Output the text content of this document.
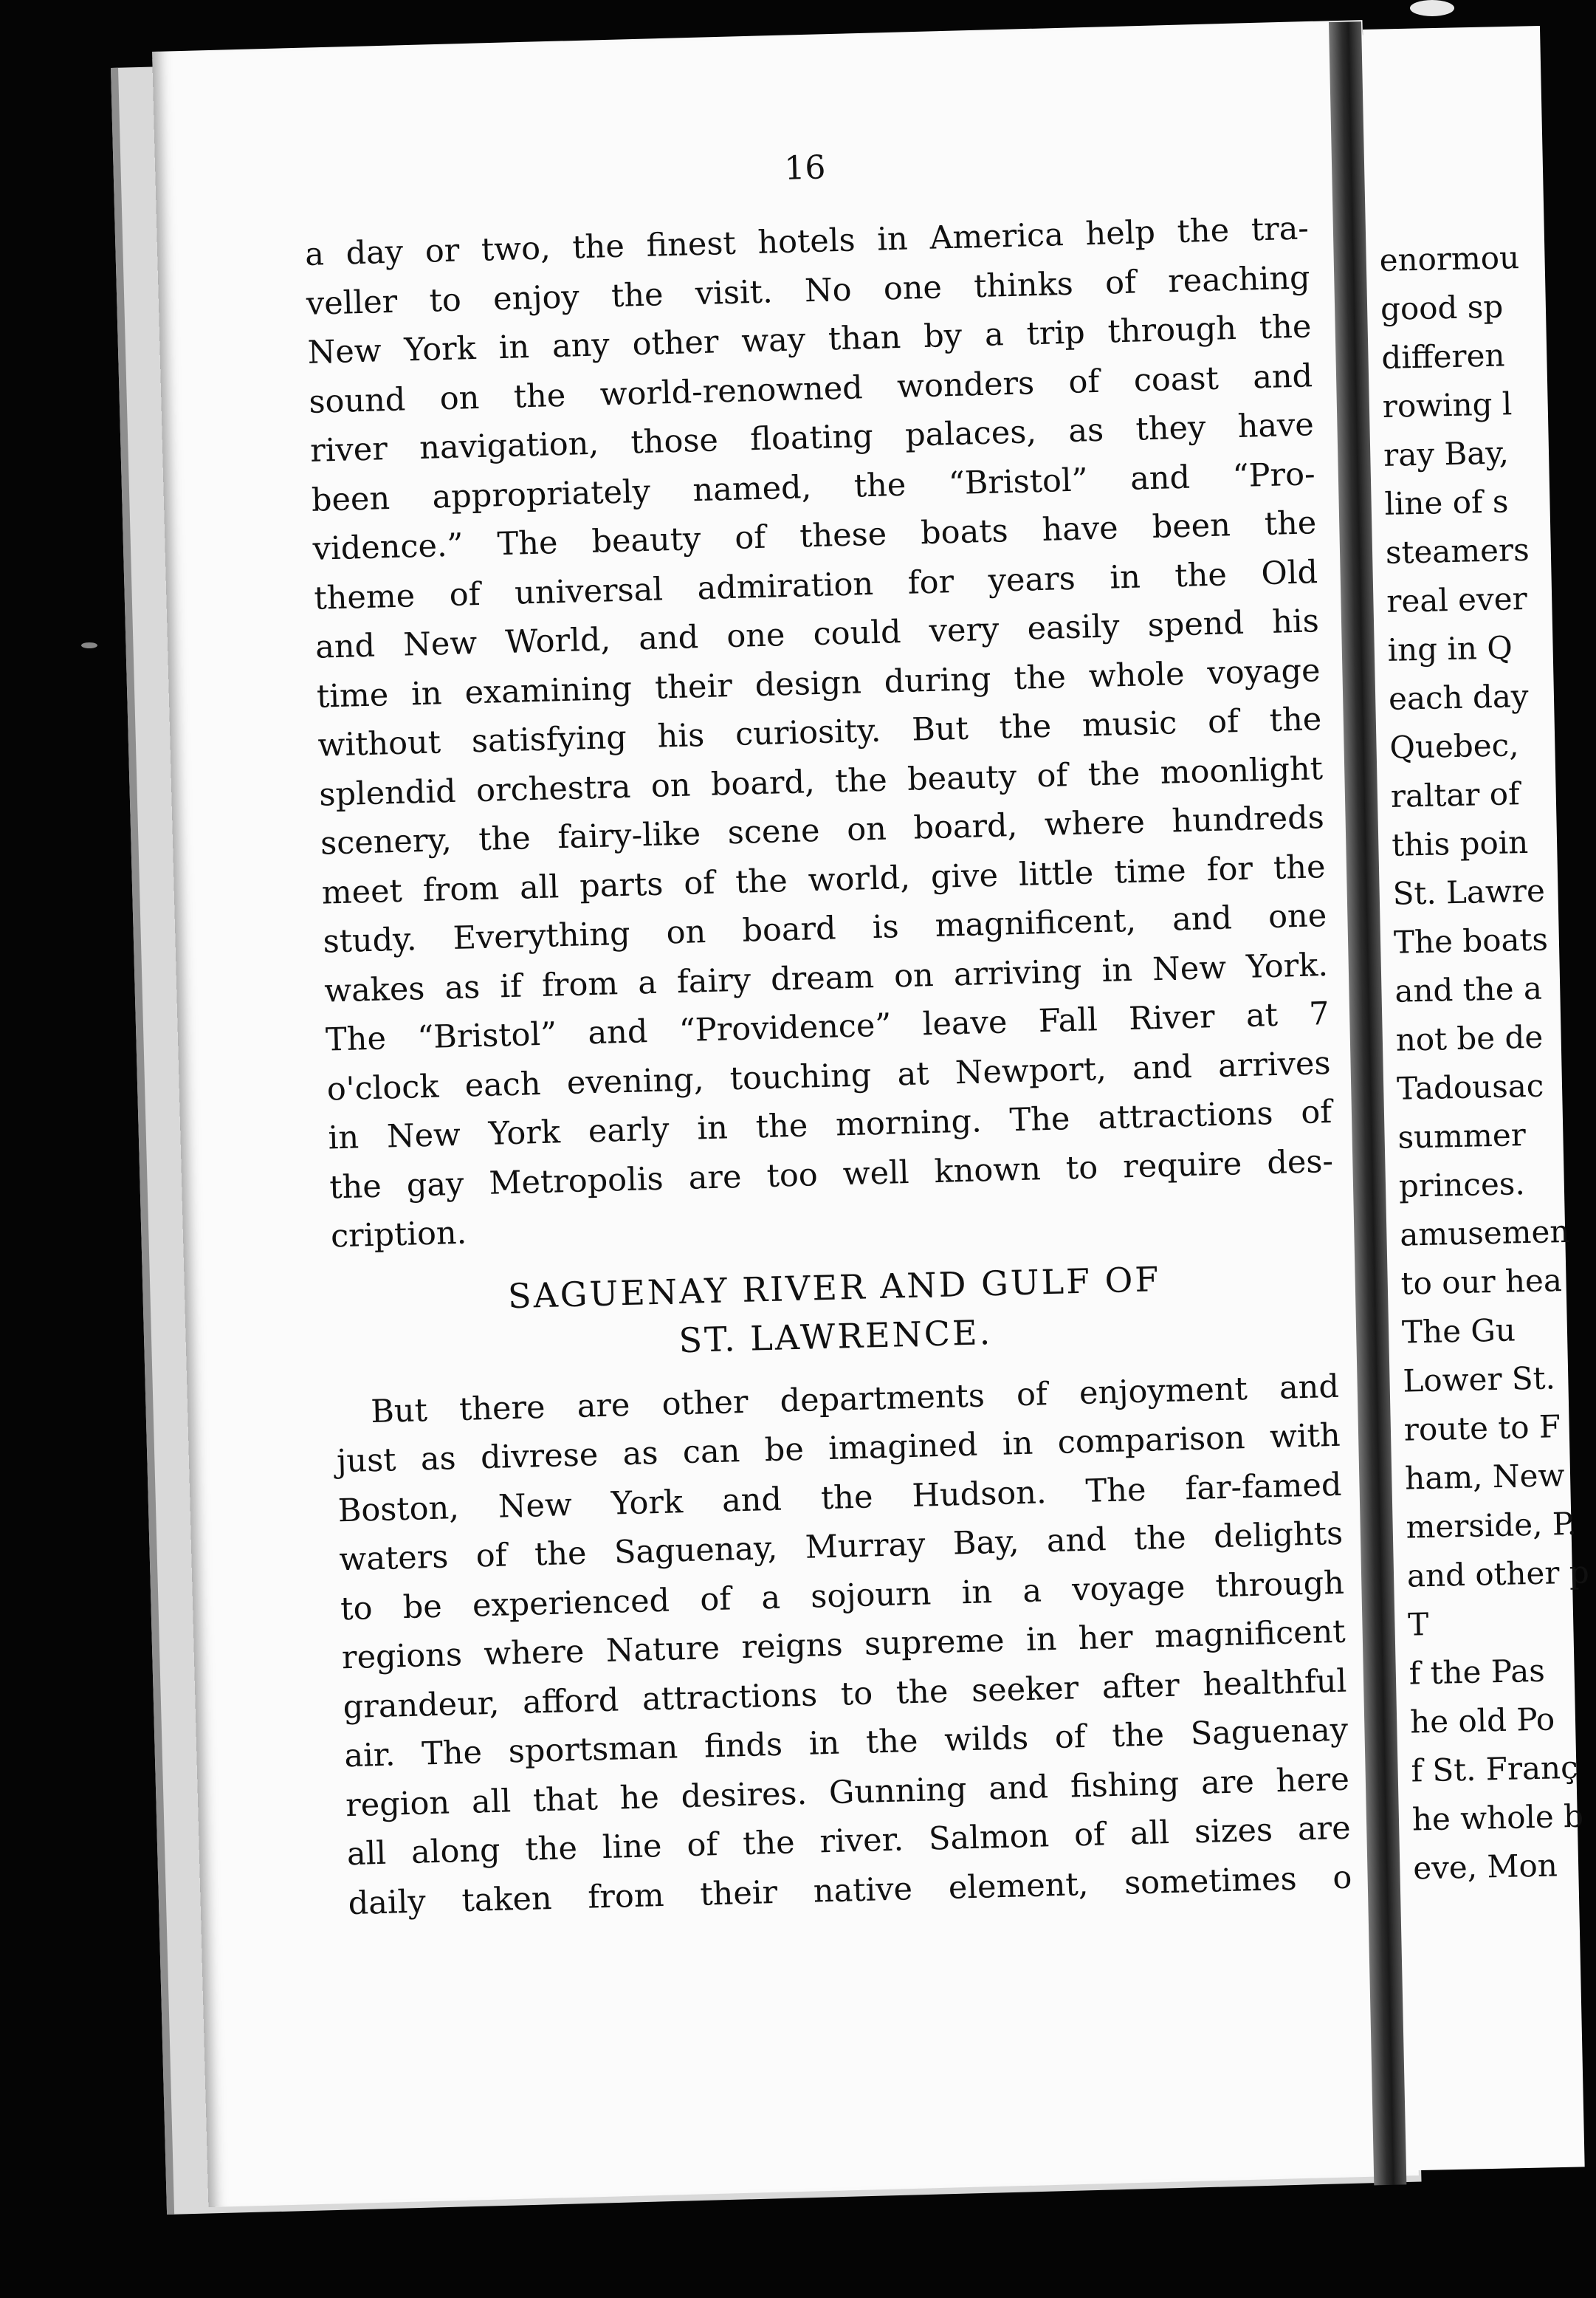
16
a day or two, the finest hotels in America help the tra-
veller to enjoy the visit. No one thinks of reaching
New York in any other way than by a trip through the
sound on the world-renowned wonders of coast and
river navigation, those floating palaces, as they have
been appropriately named, the “Bristol” and “Pro-
vidence.” The beauty of these boats have been the
theme of universal admiration for years in the Old
and New World, and one could very easily spend his
time in examining their design during the whole voyage
without satisfying his curiosity. But the music of the
splendid orchestra on board, the beauty of the moonlight
scenery, the fairy-like scene on board, where hundreds
meet from all parts of the world, give little time for the
study. Everything on board is magnificent, and one
wakes as if from a fairy dream on arriving in New York.
The “Bristol” and “Providence” leave Fall River at 7
o'clock each evening, touching at Newport, and arrives
in New York early in the morning. The attractions of
the gay Metropolis are too well known to require des-
cription.
SAGUENAY RIVER AND GULF OF
ST. LAWRENCE.
But there are other departments of enjoyment and
just as divrese as can be imagined in comparison with
Boston, New York and the Hudson. The far-famed
waters of the Saguenay, Murray Bay, and the delights
to be experienced of a sojourn in a voyage through
regions where Nature reigns supreme in her magnificent
grandeur, afford attractions to the seeker after healthful
air. The sportsman finds in the wilds of the Saguenay
region all that he desires. Gunning and fishing are here
all along the line of the river. Salmon of all sizes are
daily taken from their native element, sometimes o
enormou
good sp
differen
rowing l
ray Bay,
line of s
steamers
real ever
ing in Q
each day
Quebec,
raltar of
this poin
St. Lawre
The boats
and the a
not be de
Tadousac
summer
princes.
amusemen
to our hea
The Gu
Lower St.
route to F
ham, New
merside, P.
and other p
T
f the Pas
he old Po
f St. Franç
he whole b
eve, Mon
